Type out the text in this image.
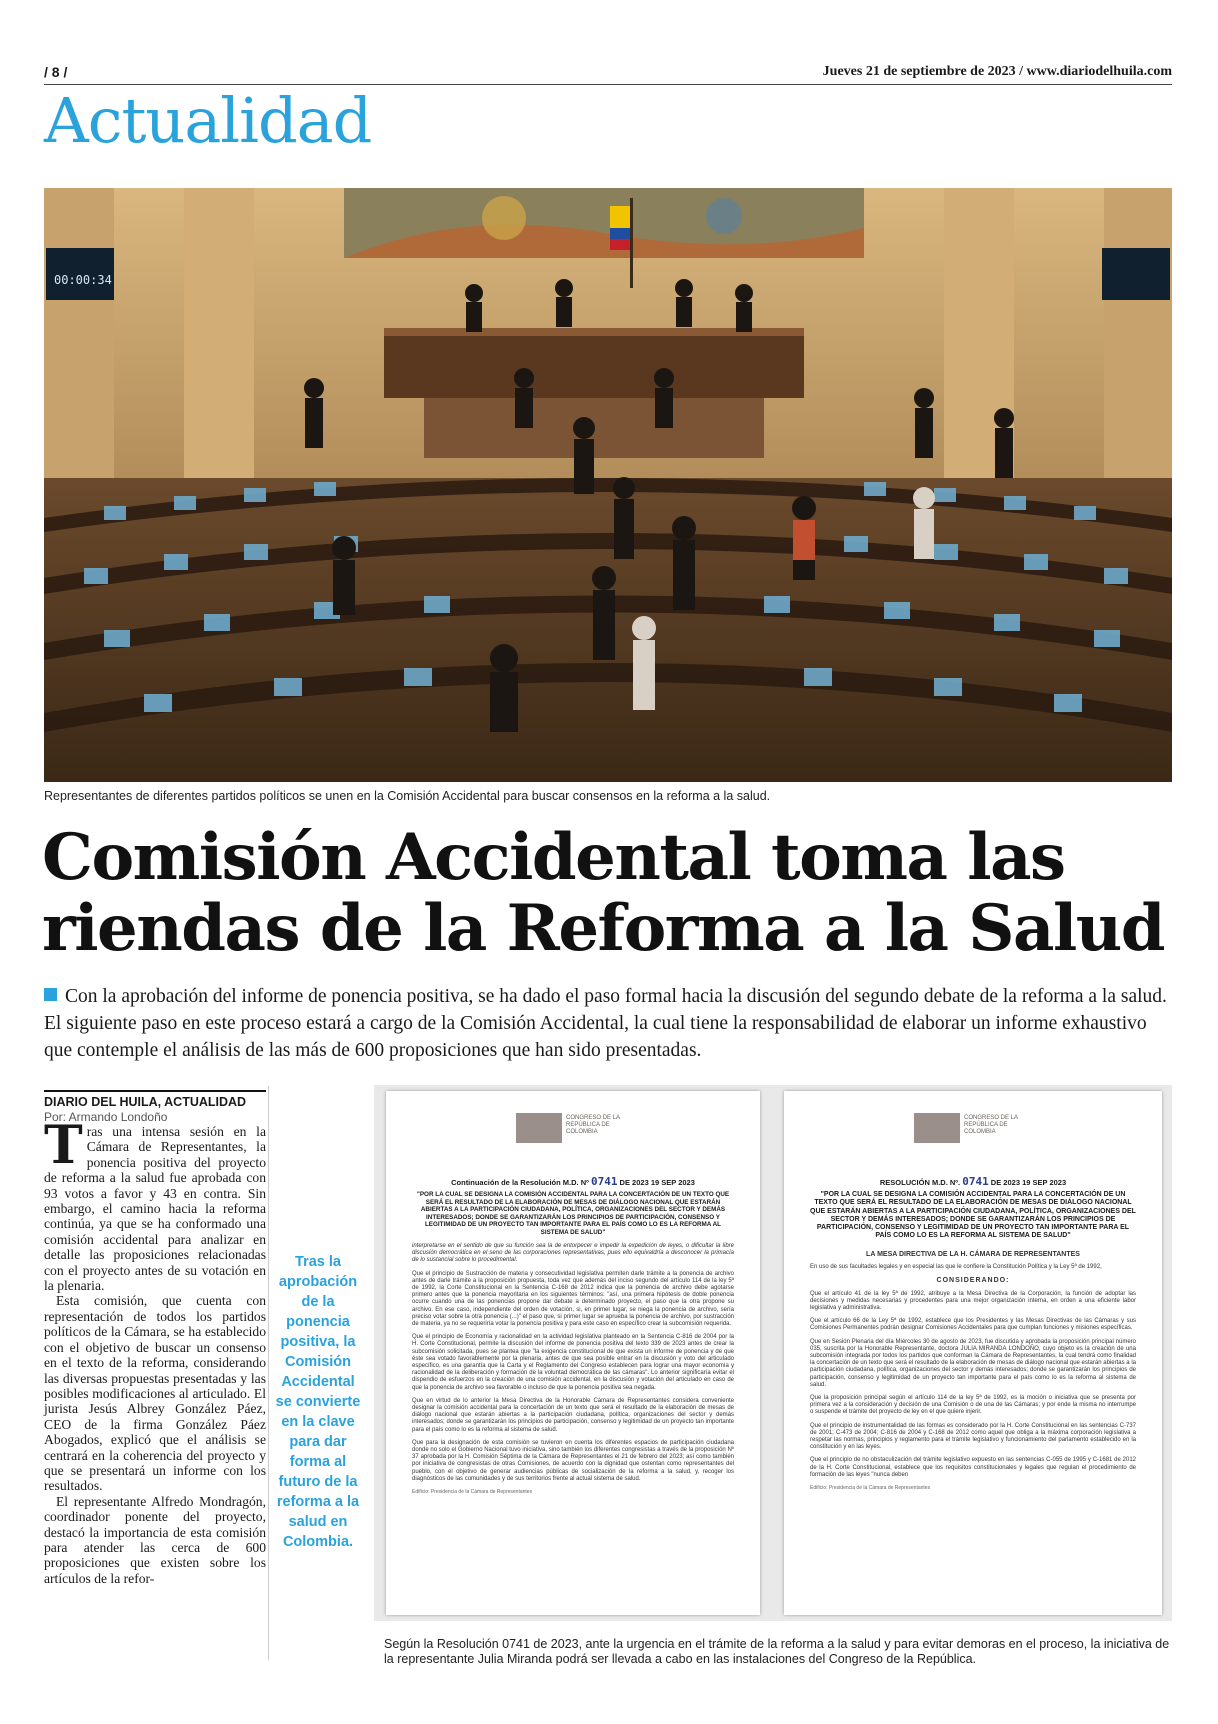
/ 8 /	Jueves 21 de septiembre de 2023 / www.diariodelhuila.com
Actualidad
00:00:34
Representantes de diferentes partidos políticos se unen en la Comisión Accidental para buscar consensos en la reforma a la salud.
Comisión Accidental toma las riendas de la Reforma a la Salud
Con la aprobación del informe de ponencia positiva, se ha dado el paso formal hacia la discusión del segundo debate de la reforma a la salud. El siguiente paso en este proceso estará a cargo de la Comisión Accidental, la cual tiene la responsabilidad de elaborar un informe exhaustivo que contemple el análisis de las más de 600 proposiciones que han sido presentadas.
DIARIO DEL HUILA, ACTUALIDAD
Por: Armando Londoño

Tras una intensa sesión en la Cámara de Representantes, la ponencia positiva del proyecto de reforma a la salud fue aprobada con 93 votos a favor y 43 en contra. Sin embargo, el camino hacia la reforma continúa, ya que se ha conformado una comisión accidental para analizar en detalle las proposiciones relacionadas con el proyecto antes de su votación en la plenaria.

Esta comisión, que cuenta con representación de todos los partidos políticos de la Cámara, se ha establecido con el objetivo de buscar un consenso en el texto de la reforma, considerando las diversas propuestas presentadas y las posibles modificaciones al articulado. El jurista Jesús Albrey González Páez, CEO de la firma González Páez Abogados, explicó que el análisis se centrará en la coherencia del proyecto y que se presentará un informe con los resultados.

El representante Alfredo Mondragón, coordinador ponente del proyecto, destacó la importancia de esta comisión para atender las cerca de 600 proposiciones que existen sobre los artículos de la refor-

Tras la aprobación de la ponencia positiva, la Comisión Accidental se convierte en la clave para dar forma al futuro de la reforma a la salud en Colombia.
CONGRESO DE LA REPÚBLICA DE COLOMBIA
Continuación de la Resolución M.D. Nº 0741 DE 2023 19 SEP 2023
"POR LA CUAL SE DESIGNA LA COMISIÓN ACCIDENTAL PARA LA CONCERTACIÓN DE UN TEXTO QUE SERÁ EL RESULTADO DE LA ELABORACIÓN DE MESAS DE DIÁLOGO NACIONAL QUE ESTARÁN ABIERTAS A LA PARTICIPACIÓN CIUDADANA, POLÍTICA, ORGANIZACIONES DEL SECTOR Y DEMÁS INTERESADOS; DONDE SE GARANTIZARÁN LOS PRINCIPIOS DE PARTICIPACIÓN, CONSENSO Y LEGITIMIDAD DE UN PROYECTO TAN IMPORTANTE PARA EL PAÍS COMO LO ES LA REFORMA AL SISTEMA DE SALUD"

interpretarse en el sentido de que su función sea la de entorpecer e impedir la expedición de leyes, o dificultar la libre discusión democrática en el seno de las corporaciones representativas, pues ello equivaldría a desconocer la primacía de lo sustancial sobre lo procedimental.

Que el principio de Sustracción de materia y consecutividad legislativa permiten darle trámite a la ponencia de archivo antes de darle trámite a la proposición propuesta, toda vez que además del inciso segundo del artículo 114 de la ley 5ª de 1992, la Corte Constitucional en la Sentencia C-168 de 2012 indica que la ponencia de archivo debe agotarse primero antes que la ponencia mayoritaria en los siguientes términos: "así, una primera hipótesis de doble ponencia ocurre cuando una de las ponencias propone dar debate a determinado proyecto, el paso que la otra propone su archivo. En ese caso, independiente del orden de votación, si, en primer lugar, se niega la ponencia de archivo, sería preciso votar sobre la otra ponencia (...)" el paso que, si primer lugar se aprueba la ponencia de archivo, por sustracción de materia, ya no se requeriría votar la ponencia positiva y para este caso en específico crear la subcomisión requerida.

Que el principio de Economía y racionalidad en la actividad legislativa planteado en la Sentencia C-816 de 2004 por la H. Corte Constitucional, permite la discusión del informe de ponencia positiva del texto 339 de 2023 antes de crear la subcomisión solicitada, pues se plantea que "la exigencia constitucional de que exista un informe de ponencia y de que éste sea votado favorablemente por la plenaria, antes de que sea posible entrar en la discusión y voto del articulado específico, es una garantía que la Carta y el Reglamento del Congreso establecen para lograr una mayor economía y racionalidad de la deliberación y formación de la voluntad democrática de las cámaras". Lo anterior significaría evitar el dispendio de esfuerzos en la creación de una comisión accidental, en la discusión y votación del articulado en caso de que la ponencia de archivo sea favorable o incluso de que la ponencia positiva sea negada.

Que en virtud de lo anterior la Mesa Directiva de la Honorable Cámara de Representantes considera conveniente designar la comisión accidental para la concertación de un texto que será el resultado de la elaboración de mesas de diálogo nacional que estarán abiertas a la participación ciudadana, política, organizaciones del sector y demás interesados; donde se garantizarán los principios de participación, consenso y legitimidad de un proyecto tan importante para el país como lo es la reforma al sistema de salud.

Que para la designación de esta comisión se tuvieron en cuenta los diferentes espacios de participación ciudadana donde no solo el Gobierno Nacional tuvo iniciativa, sino también los diferentes congresistas a través de la proposición Nº 37 aprobada por la H. Comisión Séptima de la Cámara de Representantes el 21 de febrero del 2023; así como también por iniciativa de congresistas de otras Comisiones, de acuerdo con la dignidad que ostentan como representantes del pueblo, con el objetivo de generar audiencias públicas de socialización de la reforma a la salud, y, recoger los diagnósticos de las comunidades y de sus territorios frente al actual sistema de salud.

Edificio: Presidencia de la Cámara de Representantes

CONGRESO DE LA REPÚBLICA DE COLOMBIA
RESOLUCIÓN M.D. Nº. 0741 DE 2023 19 SEP 2023
"POR LA CUAL SE DESIGNA LA COMISIÓN ACCIDENTAL PARA LA CONCERTACIÓN DE UN TEXTO QUE SERÁ EL RESULTADO DE LA ELABORACIÓN DE MESAS DE DIÁLOGO NACIONAL QUE ESTARÁN ABIERTAS A LA PARTICIPACIÓN CIUDADANA, POLÍTICA, ORGANIZACIONES DEL SECTOR Y DEMÁS INTERESADOS; DONDE SE GARANTIZARÁN LOS PRINCIPIOS DE PARTICIPACIÓN, CONSENSO Y LEGITIMIDAD DE UN PROYECTO TAN IMPORTANTE PARA EL PAÍS COMO LO ES LA REFORMA AL SISTEMA DE SALUD"

LA MESA DIRECTIVA DE LA H. CÁMARA DE REPRESENTANTES

En uso de sus facultades legales y en especial las que le confiere la Constitución Política y la Ley 5ª de 1992,

CONSIDERANDO:

Que el artículo 41 de la ley 5ª de 1992, atribuye a la Mesa Directiva de la Corporación, la función de adoptar las decisiones y medidas necesarias y procedentes para una mejor organización interna, en orden a una eficiente labor legislativa y administrativa.

Que el artículo 66 de la Ley 5ª de 1992, establece que los Presidentes y las Mesas Directivas de las Cámaras y sus Comisiones Permanentes podrán designar Comisiones Accidentales para que cumplan funciones y misiones específicas.

Que en Sesión Plenaria del día Miércoles 30 de agosto de 2023, fue discutida y aprobada la proposición principal número 035, suscrita por la Honorable Representante, doctora JULIA MIRANDA LONDOÑO, cuyo objeto es la creación de una subcomisión integrada por todos los partidos que conforman la Cámara de Representantes, la cual tendrá como finalidad la concertación de un texto que será el resultado de la elaboración de mesas de diálogo nacional que estarán abiertas a la participación ciudadana, política, organizaciones del sector y demás interesados; donde se garantizarán los principios de participación, consenso y legitimidad de un proyecto tan importante para el país como lo es la reforma al sistema de salud.

Que la proposición principal según el artículo 114 de la ley 5ª de 1992, es la moción o iniciativa que se presenta por primera vez a la consideración y decisión de una Comisión o de una de las Cámaras; y por ende la misma no interrumpe o suspende el trámite del proyecto de ley en el que quiere injerir.

Que el principio de instrumentalidad de las formas es considerado por la H. Corte Constitucional en las sentencias C-737 de 2001; C-473 de 2004; C-816 de 2004 y C-168 de 2012 como aquel que obliga a la máxima corporación legislativa a respetar las normas, principios y reglamento para el trámite legislativo y funcionamiento del parlamento establecido en la constitución y en las leyes.

Que el principio de no obstaculización del trámite legislativo expuesto en las sentencias C-055 de 1995 y C-1681 de 2012 de la H. Corte Constitucional, establece que los requisitos constitucionales y legales que regulan el procedimiento de formación de las leyes "nunca deben

Edificio: Presidencia de la Cámara de Representantes

Según la Resolución 0741 de 2023, ante la urgencia en el trámite de la reforma a la salud y para evitar demoras en el proceso, la iniciativa de la representante Julia Miranda podrá ser llevada a cabo en las instalaciones del Congreso de la República.
